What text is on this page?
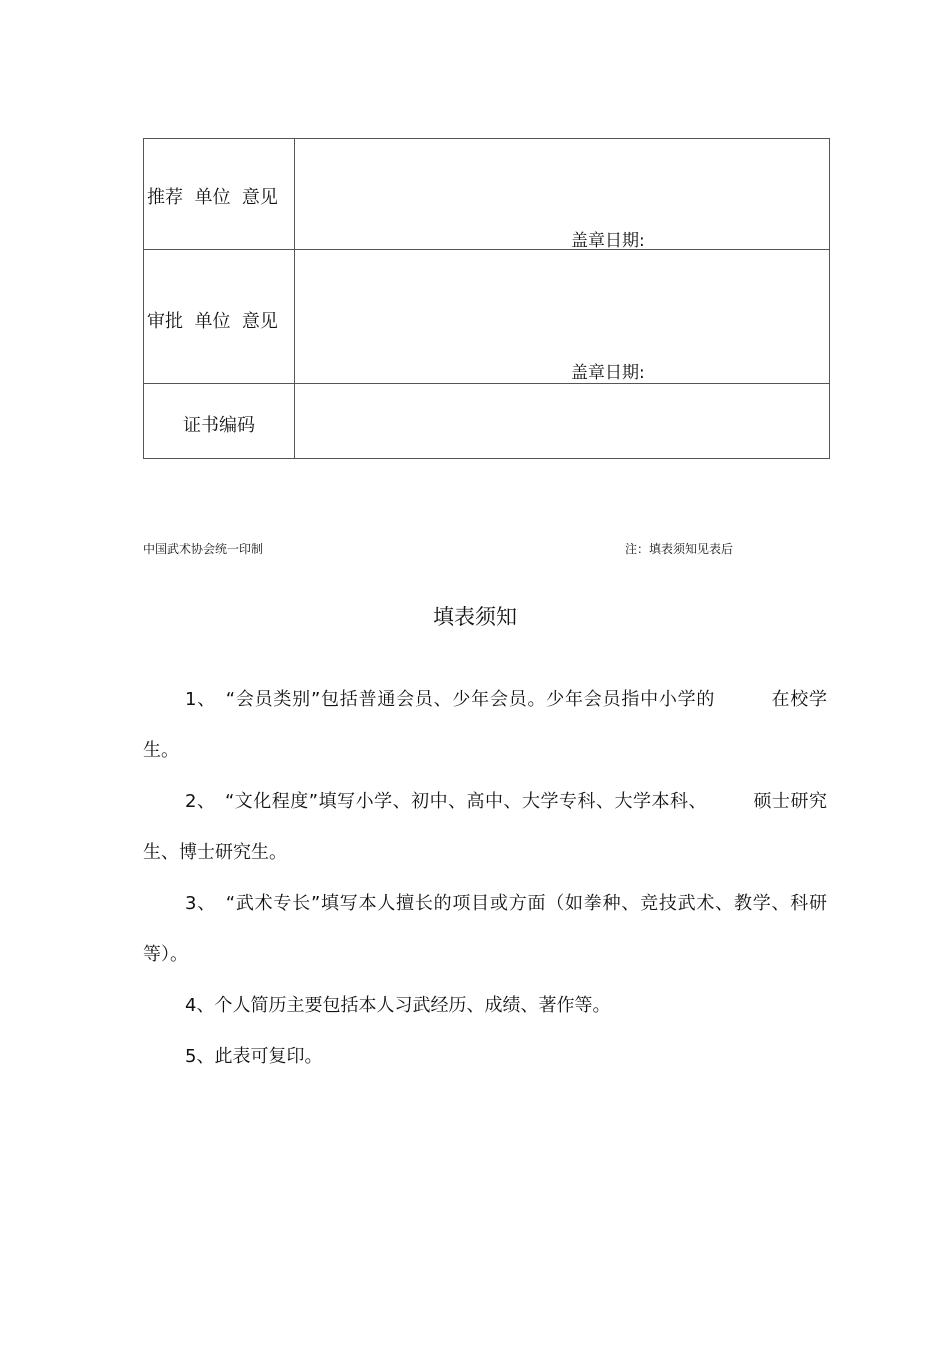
推荐  单位  意见	盖章日期:

审批  单位  意见	盖章日期:

证书编码	

中国武术协会统一印制	注：填表须知见表后
填表须知

1、　 “会员类别”包括普通会员、少年会员。少年会员指中小学的　　　在校学生。

2、　 “文化程度”填写小学、初中、高中、大学专科、大学本科、　　　硕士研究生、博士研究生。

3、　 “武术专长”填写本人擅长的项目或方面（如拳种、竞技武术、教学、科研等）。

4、个人简历主要包括本人习武经历、成绩、著作等。

5、此表可复印。
